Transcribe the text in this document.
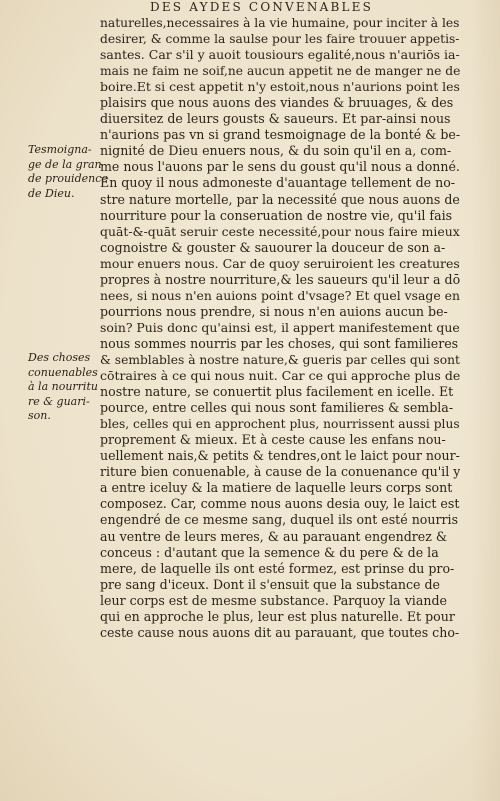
DES AYDES CONVENABLES
Tesmoigna-
ge de la gran
de prouidence
de Dieu.
Des choses
conuenables
à la nourritu
re & guari-
son.
naturelles,necessaires à la vie humaine, pour inciter à les
desirer, & comme la saulse pour les faire trouuer appetis-
santes. Car s'il y auoit tousiours egalité,nous n'auriōs ia-
mais ne faim ne soif,ne aucun appetit ne de manger ne de
boire.Et si cest appetit n'y estoit,nous n'aurions point les
plaisirs que nous auons des viandes & bruuages, & des
diuersitez de leurs gousts & saueurs. Et par-ainsi nous
n'aurions pas vn si grand tesmoignage de la bonté & be-
nignité de Dieu enuers nous, & du soin qu'il en a, com-
me nous l'auons par le sens du goust qu'il nous a donné.
En quoy il nous admoneste d'auantage tellement de no-
stre nature mortelle, par la necessité que nous auons de
nourriture pour la conseruation de nostre vie, qu'il fais
quāt-&-quāt seruir ceste necessité,pour nous faire mieux
cognoistre & gouster & sauourer la douceur de son a-
mour enuers nous. Car de quoy seruiroient les creatures
propres à nostre nourriture,& les saueurs qu'il leur a dō
nees, si nous n'en auions point d'vsage? Et quel vsage en
pourrions nous prendre, si nous n'en auions aucun be-
soin? Puis donc qu'ainsi est, il appert manifestement que
nous sommes nourris par les choses, qui sont familieres
& semblables à nostre nature,& gueris par celles qui sont
cōtraires à ce qui nous nuit. Car ce qui approche plus de
nostre nature, se conuertit plus facilement en icelle. Et
pource, entre celles qui nous sont familieres & sembla-
bles, celles qui en approchent plus, nourrissent aussi plus
proprement & mieux. Et à ceste cause les enfans nou-
uellement nais,& petits & tendres,ont le laict pour nour-
riture bien conuenable, à cause de la conuenance qu'il y
a entre iceluy & la matiere de laquelle leurs corps sont
composez. Car, comme nous auons desia ouy, le laict est
engendré de ce mesme sang, duquel ils ont esté nourris
au ventre de leurs meres, & au parauant engendrez &
conceus : d'autant que la semence & du pere & de la
mere, de laquelle ils ont esté formez, est prinse du pro-
pre sang d'iceux. Dont il s'ensuit que la substance de
leur corps est de mesme substance. Parquoy la viande
qui en approche le plus, leur est plus naturelle. Et pour
ceste cause nous auons dit au parauant, que toutes cho-
